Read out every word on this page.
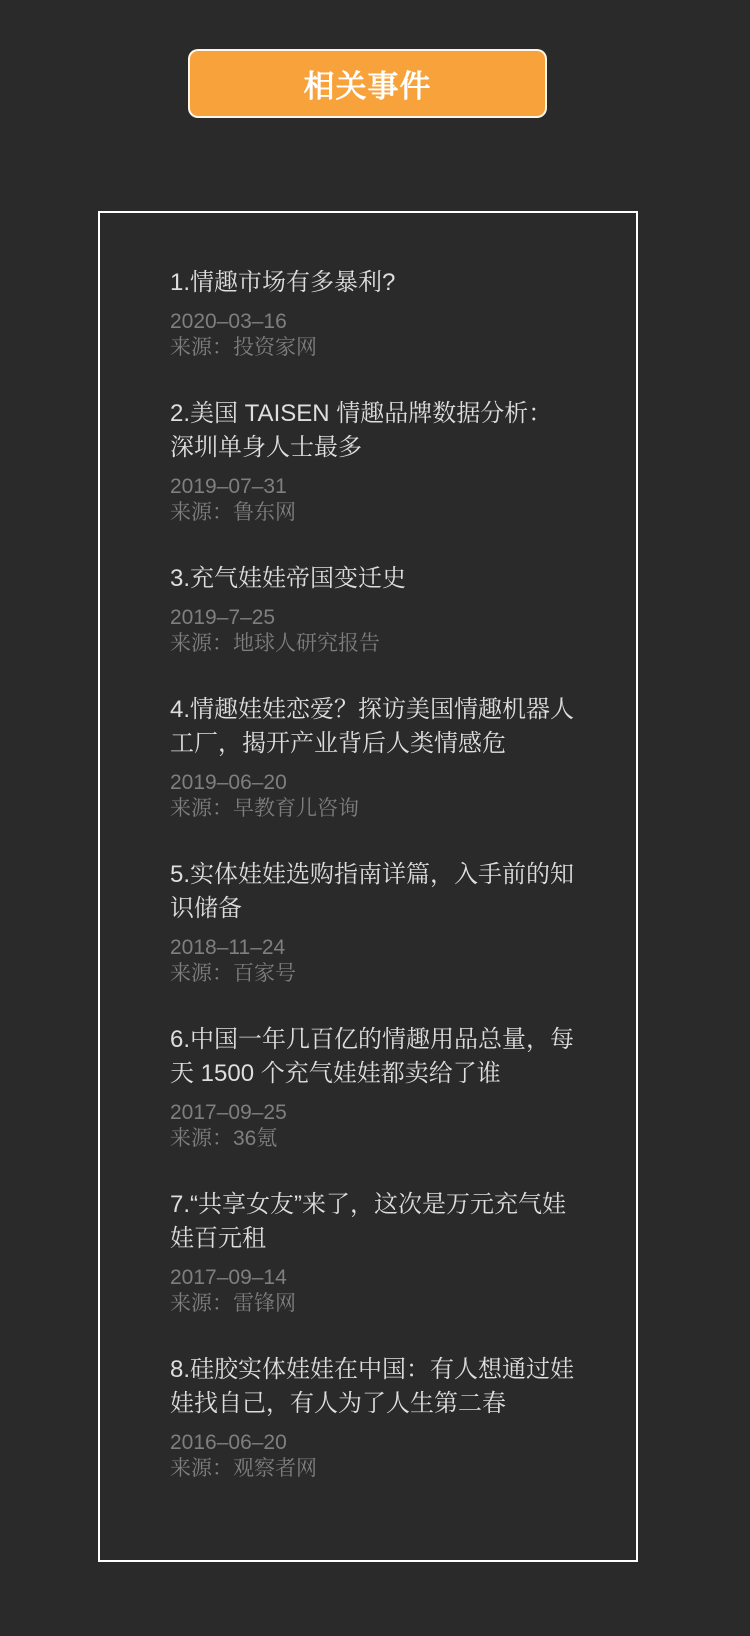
相关事件
1.情趣市场有多暴利?
2020–03–16
来源：投资家网
2.美国 TAISEN 情趣品牌数据分析：深圳单身人士最多
2019–07–31
来源：鲁东网
3.充气娃娃帝国变迁史
2019–7–25
来源：地球人研究报告
4.情趣娃娃恋爱？探访美国情趣机器人工厂，揭开产业背后人类情感危
2019–06–20
来源：早教育儿咨询
5.实体娃娃选购指南详篇，入手前的知识储备
2018–11–24
来源：百家号
6.中国一年几百亿的情趣用品总量，每天 1500 个充气娃娃都卖给了谁
2017–09–25
来源：36氪
7.“共享女友”来了，这次是万元充气娃娃百元租
2017–09–14
来源：雷锋网
8.硅胶实体娃娃在中国：有人想通过娃娃找自己，有人为了人生第二春
2016–06–20
来源：观察者网
